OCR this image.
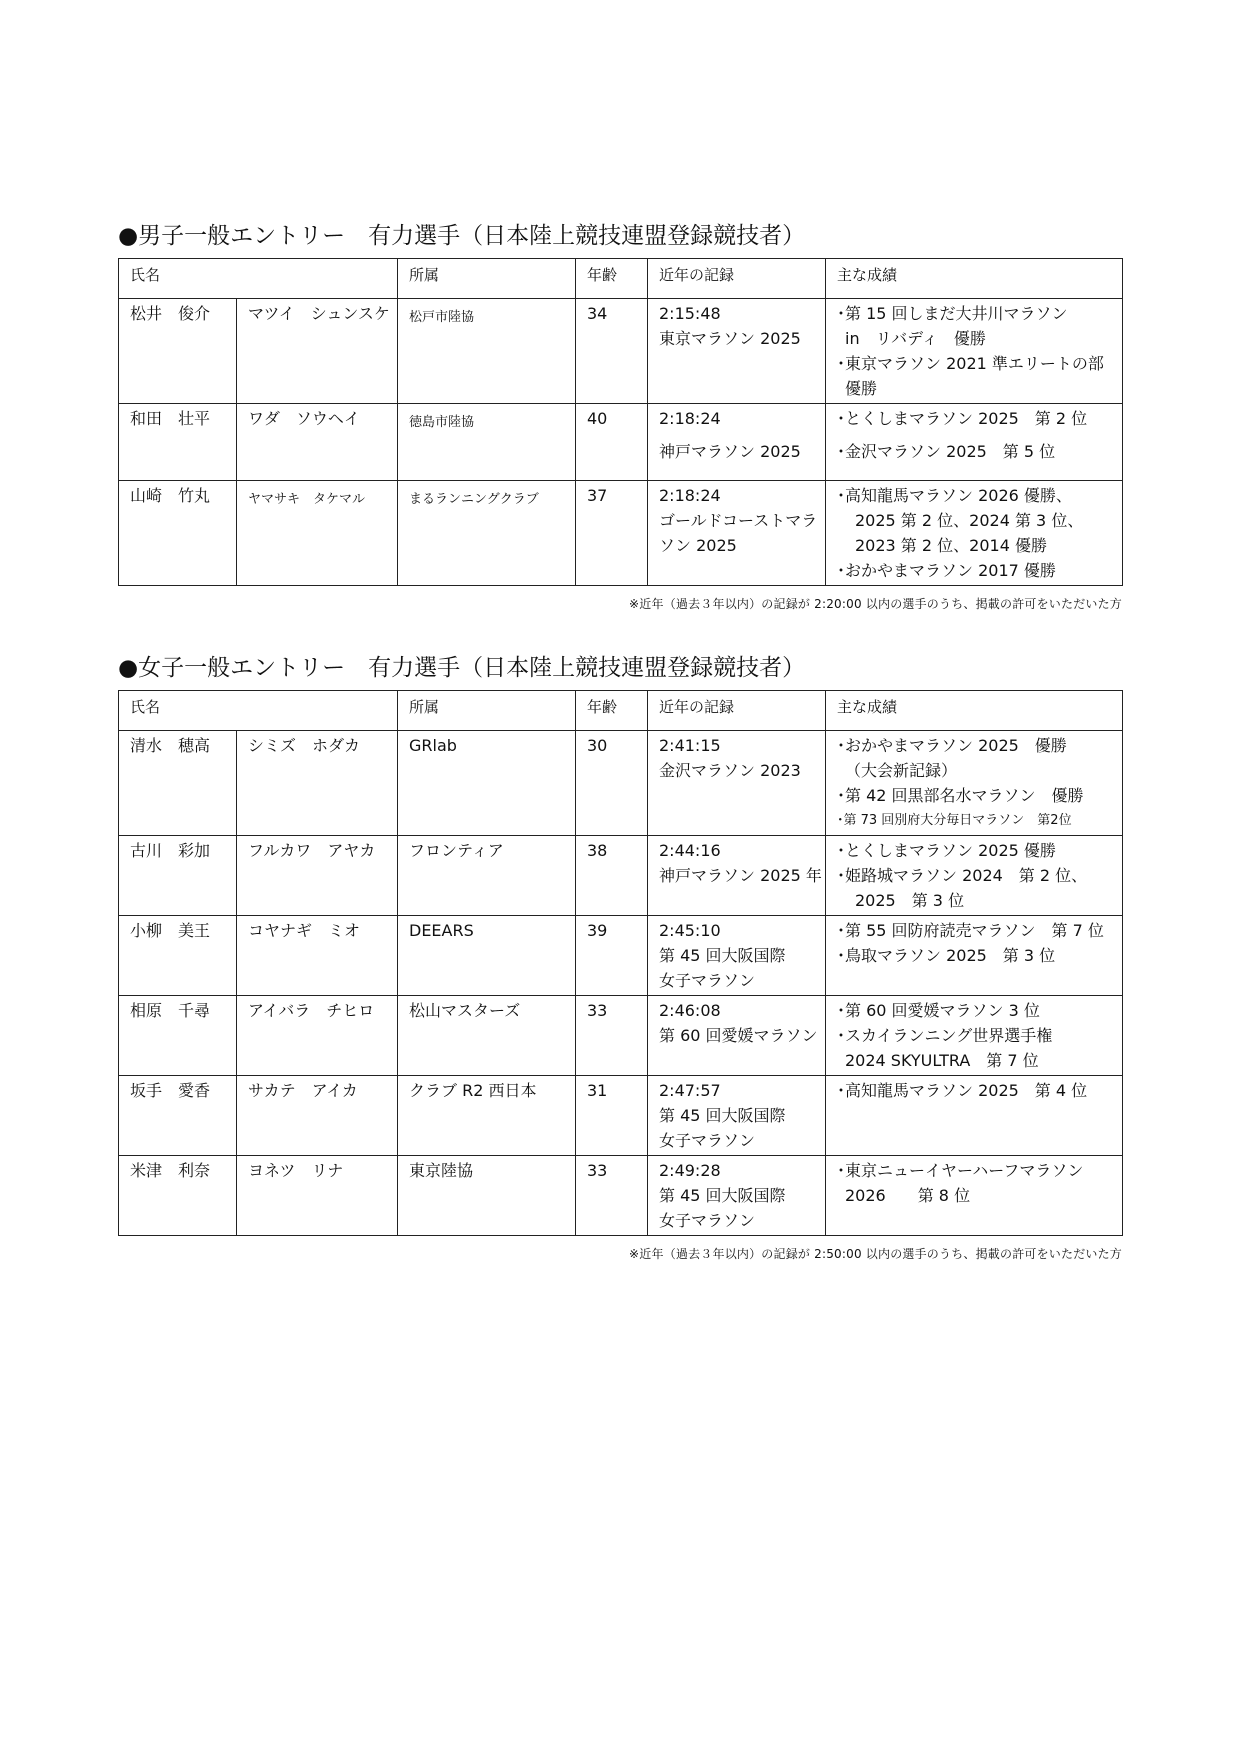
●男子一般エントリー　有力選手（日本陸上競技連盟登録競技者）
氏名		所属	年齢	近年の記録	主な成績
松井　俊介	マツイ　シュンスケ	松戸市陸協	34	2:15:48
東京マラソン 2025	･第 15 回しまだ大井川マラソン
in　リバディ　優勝
･東京マラソン 2021 準エリートの部
優勝

和田　壮平	ワダ　ソウヘイ	徳島市陸協	40	2:18:24
神戸マラソン 2025	･とくしまマラソン 2025　第 2 位
･金沢マラソン 2025　第 5 位

山崎　竹丸	ヤマサキ　タケマル	まるランニングクラブ	37	2:18:24
ゴールドコーストマラ
ソン 2025	･高知龍馬マラソン 2026 優勝、
2025 第 2 位、2024 第 3 位、
2023 第 2 位、2014 優勝
･おかやまマラソン 2017 優勝
※近年（過去３年以内）の記録が 2:20:00 以内の選手のうち、掲載の許可をいただいた方
●女子一般エントリー　有力選手（日本陸上競技連盟登録競技者）
氏名		所属	年齢	近年の記録	主な成績
清水　穂高	シミズ　ホダカ	GRlab	30	2:41:15
金沢マラソン 2023	･おかやまマラソン 2025　優勝
（大会新記録）
･第 42 回黒部名水マラソン　優勝
･第 73 回別府大分毎日マラソン　第2位

古川　彩加	フルカワ　アヤカ	フロンティア	38	2:44:16
神戸マラソン 2025 年	･とくしまマラソン 2025 優勝
･姫路城マラソン 2024　第 2 位、
2025　第 3 位

小柳　美王	コヤナギ　ミオ	DEEARS	39	2:45:10
第 45 回大阪国際
女子マラソン	･第 55 回防府読売マラソン　第 7 位
･鳥取マラソン 2025　第 3 位

相原　千尋	アイバラ　チヒロ	松山マスターズ	33	2:46:08
第 60 回愛媛マラソン	･第 60 回愛媛マラソン 3 位
･スカイランニング世界選手権
2024 SKYULTRA　第 7 位

坂手　愛香	サカテ　アイカ	クラブ R2 西日本	31	2:47:57
第 45 回大阪国際
女子マラソン	･高知龍馬マラソン 2025　第 4 位

米津　利奈	ヨネツ　リナ	東京陸協	33	2:49:28
第 45 回大阪国際
女子マラソン	･東京ニューイヤーハーフマラソン
2026　　第 8 位
※近年（過去３年以内）の記録が 2:50:00 以内の選手のうち、掲載の許可をいただいた方
